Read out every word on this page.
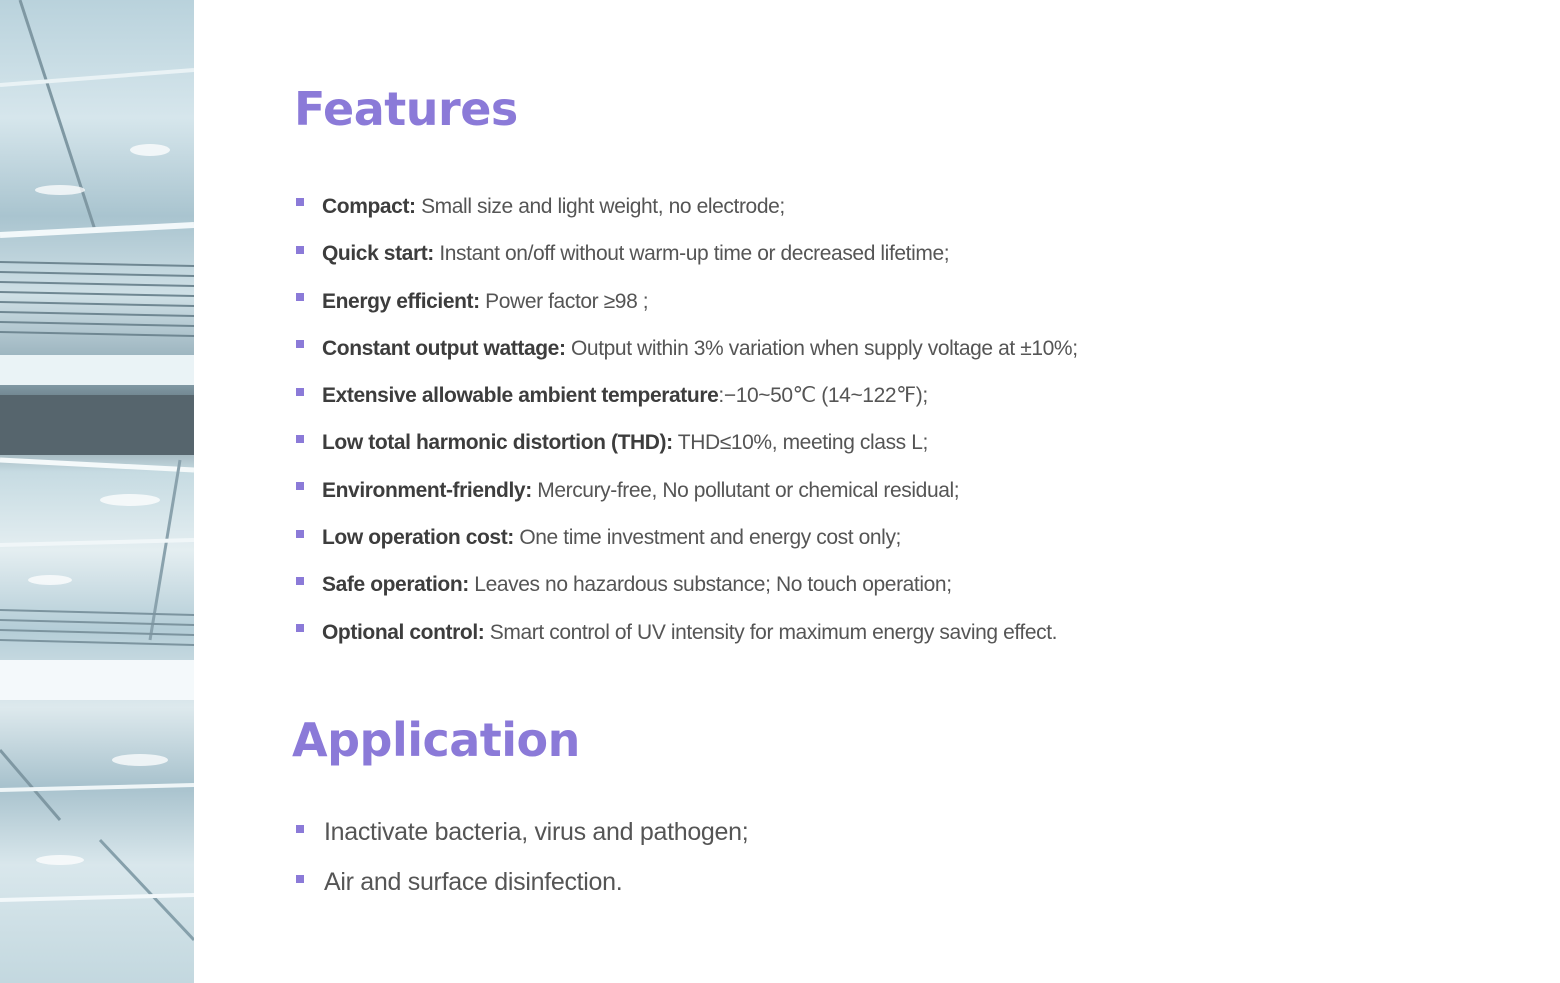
Features
Compact: Small size and light weight, no electrode;
Quick start: Instant on/off without warm-up time or decreased lifetime;
Energy efficient: Power factor ≥98 ;
Constant output wattage: Output within 3% variation when supply voltage at ±10%;
Extensive allowable ambient temperature:−10~50℃ (14~122℉);
Low total harmonic distortion (THD): THD≤10%, meeting class L;
Environment-friendly: Mercury-free, No pollutant or chemical residual;
Low operation cost: One time investment and energy cost only;
Safe operation: Leaves no hazardous substance; No touch operation;
Optional control: Smart control of UV intensity for maximum energy saving effect.
Application
Inactivate bacteria, virus and pathogen;
Air and surface disinfection.
